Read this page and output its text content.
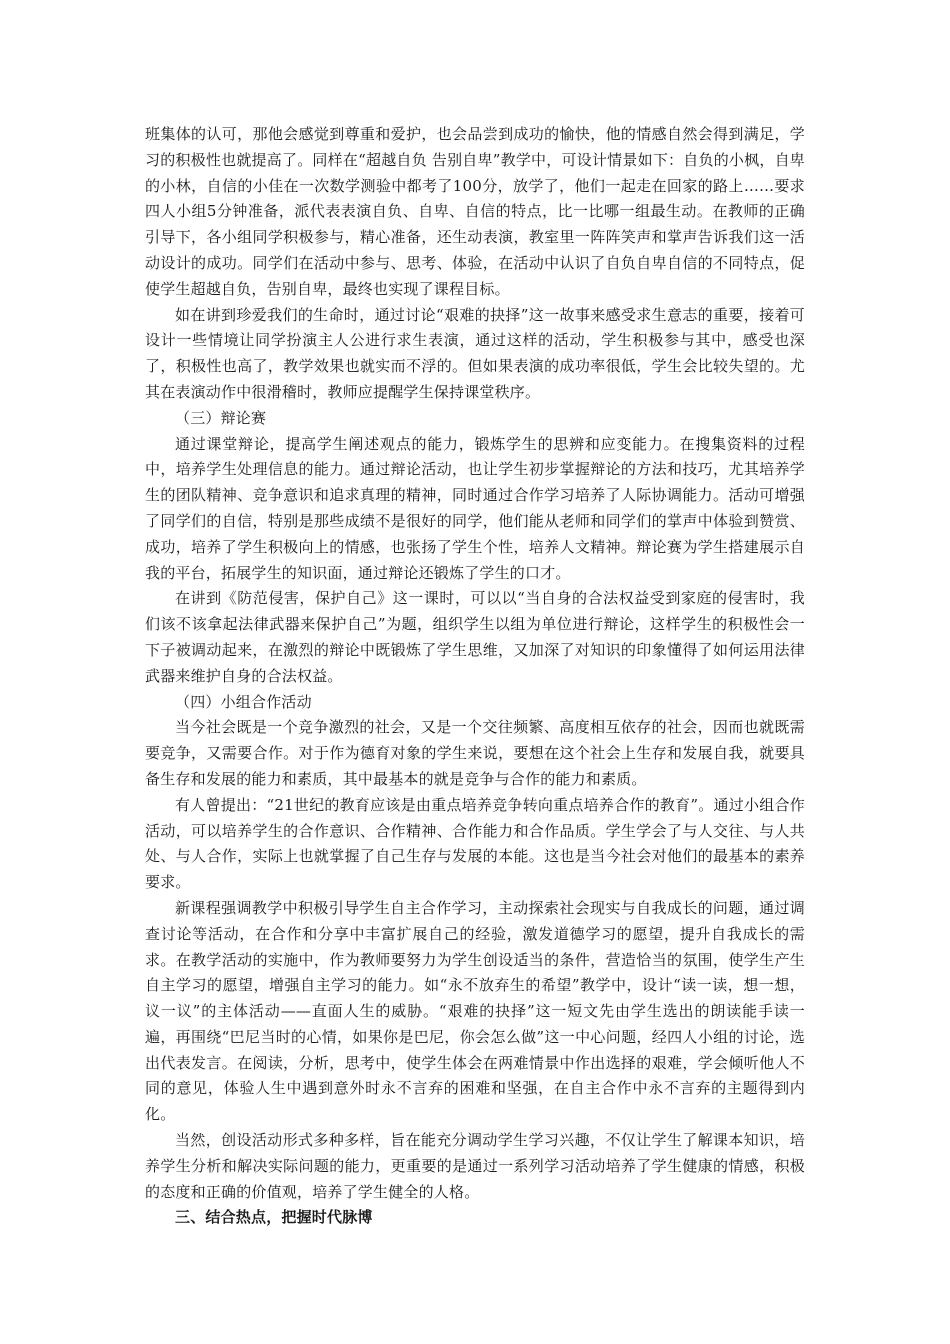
班集体的认可，那他会感觉到尊重和爱护，也会品尝到成功的愉快，他的情感自然会得到满足，学习的积极性也就提高了。同样在“超越自负 告别自卑”教学中，可设计情景如下：自负的小枫，自卑的小林，自信的小佳在一次数学测验中都考了100分，放学了，他们一起走在回家的路上……要求四人小组5分钟准备，派代表表演自负、自卑、自信的特点，比一比哪一组最生动。在教师的正确引导下，各小组同学积极参与，精心准备，还生动表演，教室里一阵阵笑声和掌声告诉我们这一活动设计的成功。同学们在活动中参与、思考、体验，在活动中认识了自负自卑自信的不同特点，促使学生超越自负，告别自卑，最终也实现了课程目标。

如在讲到珍爱我们的生命时，通过讨论“艰难的抉择”这一故事来感受求生意志的重要，接着可设计一些情境让同学扮演主人公进行求生表演，通过这样的活动，学生积极参与其中，感受也深了，积极性也高了，教学效果也就实而不浮的。但如果表演的成功率很低，学生会比较失望的。尤其在表演动作中很滑稽时，教师应提醒学生保持课堂秩序。

（三）辩论赛

通过课堂辩论，提高学生阐述观点的能力，锻炼学生的思辨和应变能力。在搜集资料的过程中，培养学生处理信息的能力。通过辩论活动，也让学生初步掌握辩论的方法和技巧，尤其培养学生的团队精神、竞争意识和追求真理的精神，同时通过合作学习培养了人际协调能力。活动可增强了同学们的自信，特别是那些成绩不是很好的同学，他们能从老师和同学们的掌声中体验到赞赏、成功，培养了学生积极向上的情感，也张扬了学生个性，培养人文精神。辩论赛为学生搭建展示自我的平台，拓展学生的知识面，通过辩论还锻炼了学生的口才。

在讲到《防范侵害，保护自己》这一课时，可以以“当自身的合法权益受到家庭的侵害时，我们该不该拿起法律武器来保护自己”为题，组织学生以组为单位进行辩论，这样学生的积极性会一下子被调动起来，在激烈的辩论中既锻炼了学生思维，又加深了对知识的印象懂得了如何运用法律武器来维护自身的合法权益。

（四）小组合作活动

当今社会既是一个竞争激烈的社会，又是一个交往频繁、高度相互依存的社会，因而也就既需要竞争，又需要合作。对于作为德育对象的学生来说，要想在这个社会上生存和发展自我，就要具备生存和发展的能力和素质，其中最基本的就是竞争与合作的能力和素质。

有人曾提出：“21世纪的教育应该是由重点培养竞争转向重点培养合作的教育”。通过小组合作活动，可以培养学生的合作意识、合作精神、合作能力和合作品质。学生学会了与人交往、与人共处、与人合作，实际上也就掌握了自己生存与发展的本能。这也是当今社会对他们的最基本的素养要求。

新课程强调教学中积极引导学生自主合作学习，主动探索社会现实与自我成长的问题，通过调查讨论等活动，在合作和分享中丰富扩展自己的经验，激发道德学习的愿望，提升自我成长的需求。在教学活动的实施中，作为教师要努力为学生创设适当的条件，营造恰当的氛围，使学生产生自主学习的愿望，增强自主学习的能力。如“永不放弃生的希望”教学中，设计“读一读，想一想，议一议”的主体活动——直面人生的威胁。“艰难的抉择”这一短文先由学生选出的朗读能手读一遍，再围绕“巴尼当时的心情，如果你是巴尼，你会怎么做”这一中心问题，经四人小组的讨论，选出代表发言。在阅读，分析，思考中，使学生体会在两难情景中作出选择的艰难，学会倾听他人不同的意见，体验人生中遇到意外时永不言弃的困难和坚强，在自主合作中永不言弃的主题得到内化。

当然，创设活动形式多种多样，旨在能充分调动学生学习兴趣，不仅让学生了解课本知识，培养学生分析和解决实际问题的能力，更重要的是通过一系列学习活动培养了学生健康的情感，积极的态度和正确的价值观，培养了学生健全的人格。

三、结合热点，把握时代脉博
